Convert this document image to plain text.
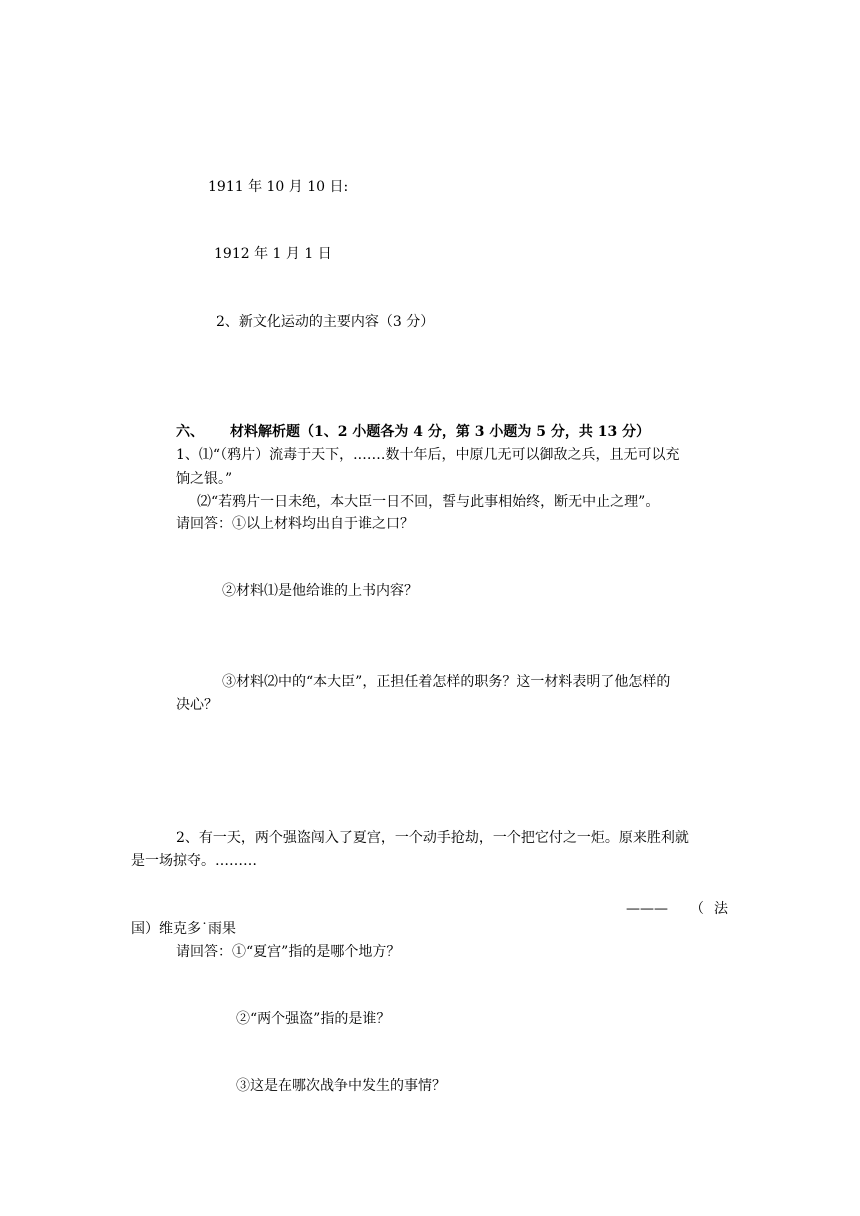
1911 年 10 月 10 日:
1912 年 1 月 1 日
2、新文化运动的主要内容（3 分）
六、 材料解析题（1、2 小题各为 4 分，第 3 小题为 5 分，共 13 分）
1、⑴“（鸦片）流毒于天下，.……数十年后，中原几无可以御敌之兵，且无可以充
饷之银。”
⑵“若鸦片一日未绝，本大臣一日不回，誓与此事相始终，断无中止之理”。
请回答：①以上材料均出自于谁之口？
②材料⑴是他给谁的上书内容？
③材料⑵中的“本大臣”，正担任着怎样的职务？这一材料表明了他怎样的
决心？
2、有一天，两个强盗闯入了夏宫，一个动手抢劫，一个把它付之一炬。原来胜利就
是一场掠夺。………
——— （ 法
国）维克多˙雨果
请回答：①“夏宫”指的是哪个地方？
②“两个强盗”指的是谁？
③这是在哪次战争中发生的事情？
